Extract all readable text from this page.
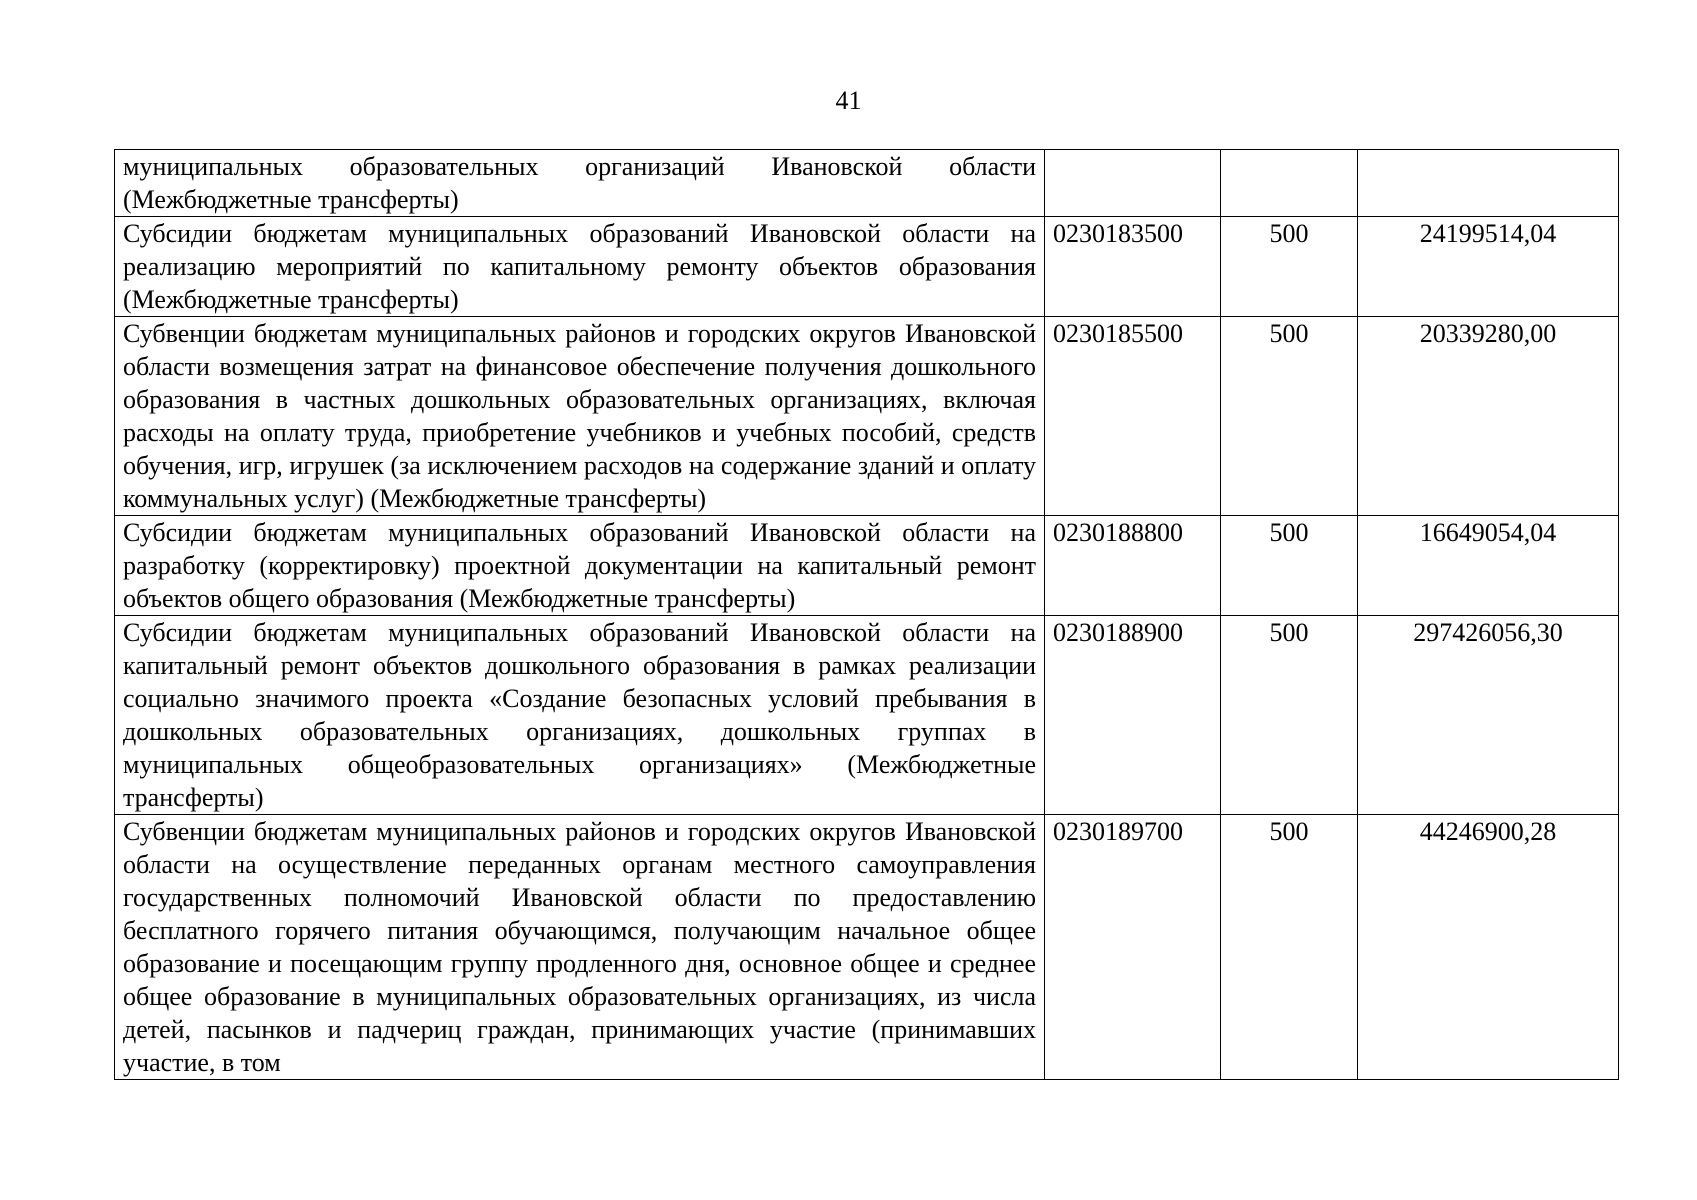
41
муниципальных образовательных организаций Ивановской области (Межбюджетные трансферты)			
Субсидии бюджетам муниципальных образований Ивановской области на реализацию мероприятий по капитальному ремонту объектов образования (Межбюджетные трансферты)	0230183500	500	24199514,04
Субвенции бюджетам муниципальных районов и городских округов Ивановской области возмещения затрат на финансовое обеспечение получения дошкольного образования в частных дошкольных образовательных организациях, включая расходы на оплату труда, приобретение учебников и учебных пособий, средств обучения, игр, игрушек (за исключением расходов на содержание зданий и оплату коммунальных услуг) (Межбюджетные трансферты)	0230185500	500	20339280,00
Субсидии бюджетам муниципальных образований Ивановской области на разработку (корректировку) проектной документации на капитальный ремонт объектов общего образования (Межбюджетные трансферты)	0230188800	500	16649054,04
Субсидии бюджетам муниципальных образований Ивановской области на капитальный ремонт объектов дошкольного образования в рамках реализации социально значимого проекта «Создание безопасных условий пребывания в дошкольных образовательных организациях, дошкольных группах в муниципальных общеобразовательных организациях» (Межбюджетные трансферты)	0230188900	500	297426056,30
Субвенции бюджетам муниципальных районов и городских округов Ивановской области на осуществление переданных органам местного самоуправления государственных полномочий Ивановской области по предоставлению бесплатного горячего питания обучающимся, получающим начальное общее образование и посещающим группу продленного дня, основное общее и среднее общее образование в муниципальных образовательных организациях, из числа детей, пасынков и падчериц граждан, принимающих участие (принимавших участие, в том	0230189700	500	44246900,28
